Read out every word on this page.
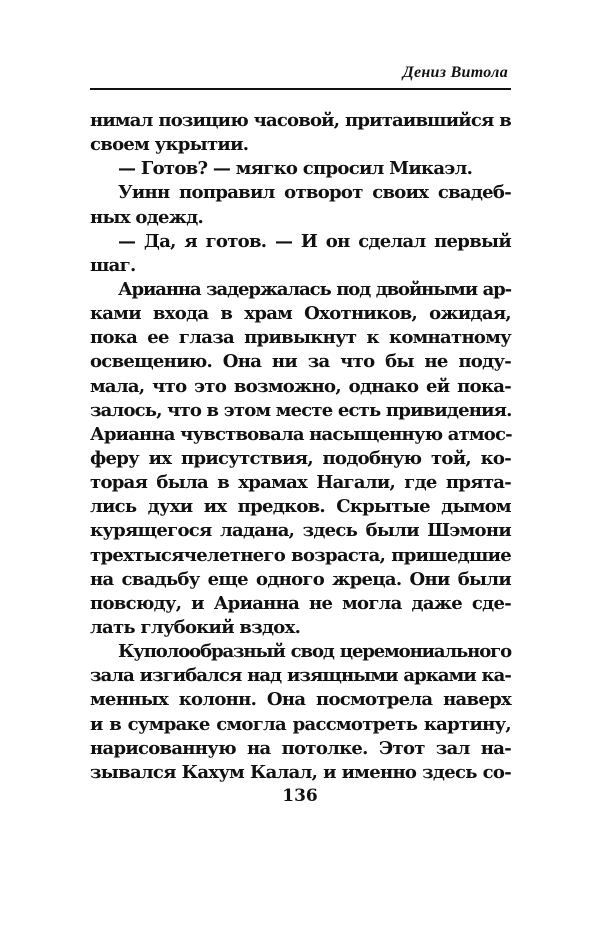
Дениз Витола
нимал позицию часовой, притаившийся в
своем укрытии.
— Готов? — мягко спросил Микаэл.
Уинн поправил отворот своих свадеб-
ных одежд.
— Да, я готов. — И он сделал первый
шаг.
Арианна задержалась под двойными ар-
ками входа в храм Охотников, ожидая,
пока ее глаза привыкнут к комнатному
освещению. Она ни за что бы не поду-
мала, что это возможно, однако ей пока-
залось, что в этом месте есть привидения.
Арианна чувствовала насыщенную атмос-
феру их присутствия, подобную той, ко-
торая была в храмах Нагали, где прята-
лись духи их предков. Скрытые дымом
курящегося ладана, здесь были Шэмони
трехтысячелетнего возраста, пришедшие
на свадьбу еще одного жреца. Они были
повсюду, и Арианна не могла даже сде-
лать глубокий вздох.
Куполообразный свод церемониального
зала изгибался над изящными арками ка-
менных колонн. Она посмотрела наверх
и в сумраке смогла рассмотреть картину,
нарисованную на потолке. Этот зал на-
зывался Кахум Калал, и именно здесь со-
136
